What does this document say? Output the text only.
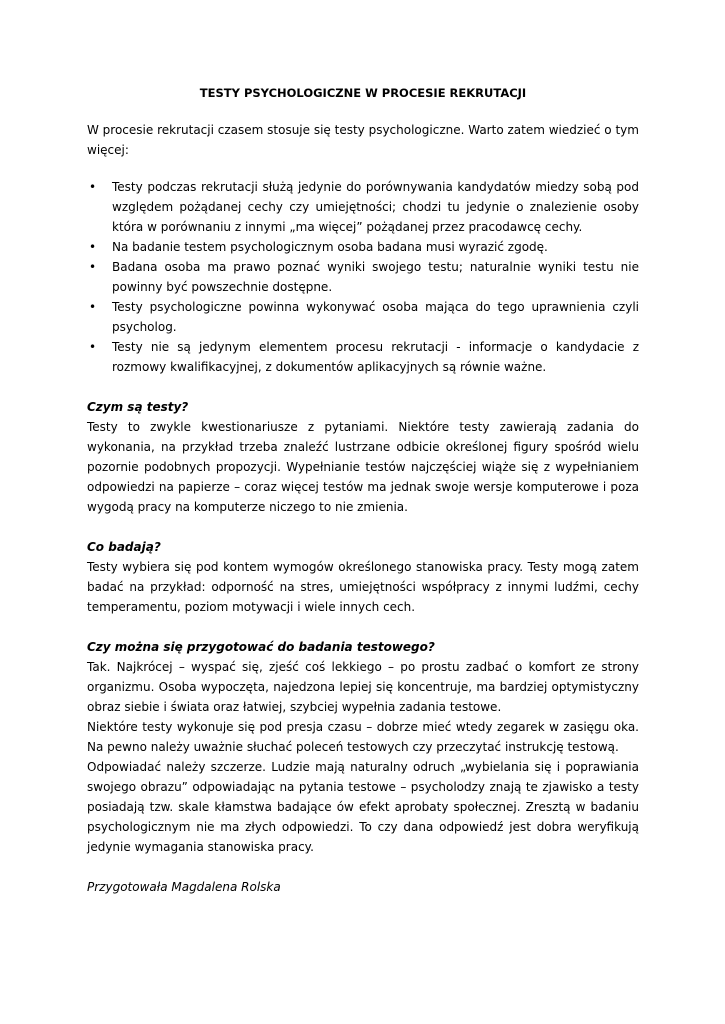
TESTY PSYCHOLOGICZNE W PROCESIE REKRUTACJI
W procesie rekrutacji czasem stosuje się testy psychologiczne. Warto zatem wiedzieć o tym więcej:
• Testy podczas rekrutacji służą jedynie do porównywania kandydatów miedzy sobą pod względem pożądanej cechy czy umiejętności; chodzi tu jedynie o znalezienie osoby która w porównaniu z innymi „ma więcej” pożądanej przez pracodawcę cechy.
• Na badanie testem psychologicznym osoba badana musi wyrazić zgodę.
• Badana osoba ma prawo poznać wyniki swojego testu; naturalnie wyniki testu nie powinny być powszechnie dostępne.
• Testy psychologiczne powinna wykonywać osoba mająca do tego uprawnienia czyli psycholog.
• Testy nie są jedynym elementem procesu rekrutacji - informacje o kandydacie z rozmowy kwalifikacyjnej, z dokumentów aplikacyjnych są równie ważne.
Czym są testy?
Testy to zwykle kwestionariusze z pytaniami. Niektóre testy zawierają zadania do wykonania, na przykład trzeba znaleźć lustrzane odbicie określonej figury spośród wielu pozornie podobnych propozycji. Wypełnianie testów najczęściej wiąże się z wypełnianiem odpowiedzi na papierze – coraz więcej testów ma jednak swoje wersje komputerowe i poza wygodą pracy na komputerze niczego to nie zmienia.
Co badają?
Testy wybiera się pod kontem wymogów określonego stanowiska pracy. Testy mogą zatem badać na przykład: odporność na stres, umiejętności współpracy z innymi ludźmi, cechy temperamentu, poziom motywacji i wiele innych cech.
Czy można się przygotować do badania testowego?
Tak. Najkrócej – wyspać się, zjeść coś lekkiego – po prostu zadbać o komfort ze strony organizmu. Osoba wypoczęta, najedzona lepiej się koncentruje, ma bardziej optymistyczny obraz siebie i świata oraz łatwiej, szybciej wypełnia zadania testowe.
Niektóre testy wykonuje się pod presja czasu – dobrze mieć wtedy zegarek w zasięgu oka. Na pewno należy uważnie słuchać poleceń testowych czy przeczytać instrukcję testową.
Odpowiadać należy szczerze. Ludzie mają naturalny odruch „wybielania się i poprawiania swojego obrazu” odpowiadając na pytania testowe – psycholodzy znają te zjawisko a testy posiadają tzw. skale kłamstwa badające ów efekt aprobaty społecznej. Zresztą w badaniu psychologicznym nie ma złych odpowiedzi. To czy dana odpowiedź jest dobra weryfikują jedynie wymagania stanowiska pracy.
Przygotowała Magdalena Rolska
